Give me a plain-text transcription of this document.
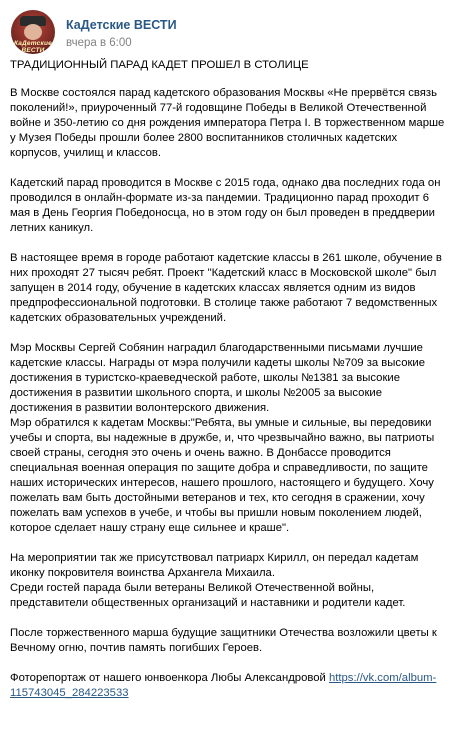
КаДетские ВЕСТИ
КаДетские ВЕСТИ
вчера в 6:00
ТРАДИЦИОННЫЙ ПАРАД КАДЕТ ПРОШЕЛ В СТОЛИЦЕ
В Москве состоялся парад кадетского образования Москвы «Не прервётся связь поколений!», приуроченный 77-й годовщине Победы в Великой Отечественной войне и 350-летию со дня рождения императора Петра I. В торжественном марше у Музея Победы прошли более 2800 воспитанников столичных кадетских корпусов, училищ и классов.
Кадетский парад проводится в Москве с 2015 года, однако два последних года он проводился в онлайн-формате из-за пандемии. Традиционно парад проходит 6 мая в День Георгия Победоносца, но в этом году он был проведен в преддверии летних каникул.
В настоящее время в городе работают кадетские классы в 261 школе, обучение в них проходят 27 тысяч ребят. Проект "Кадетский класс в Московской школе" был запущен в 2014 году, обучение в кадетских классах является одним из видов предпрофессиональной подготовки. В столице также работают 7 ведомственных кадетских образовательных учреждений.
Мэр Москвы Сергей Собянин наградил благодарственными письмами лучшие кадетские классы. Награды от мэра получили кадеты школы №709 за высокие достижения в туристско-краеведческой работе, школы №1381 за высокие достижения в развитии школьного спорта, и школы №2005 за высокие достижения в развитии волонтерского движения.
Мэр обратился к кадетам Москвы:"Ребята, вы умные и сильные, вы передовики учебы и спорта, вы надежные в дружбе, и, что чрезвычайно важно, вы патриоты своей страны, сегодня это очень и очень важно. В Донбассе проводится специальная военная операция по защите добра и справедливости, по защите наших исторических интересов, нашего прошлого, настоящего и будущего. Хочу пожелать вам быть достойными ветеранов и тех, кто сегодня в сражении, хочу пожелать вам успехов в учебе, и чтобы вы пришли новым поколением людей, которое сделает нашу страну еще сильнее и краше".
На мероприятии так же присутствовал патриарх Кирилл, он передал кадетам иконку покровителя воинства Архангела Михаила.
Среди гостей парада были ветераны Великой Отечественной войны, представители общественных организаций и наставники и родители кадет.
После торжественного марша будущие защитники Отечества возложили цветы к Вечному огню, почтив память погибших Героев.
Фоторепортаж от нашего юнвоенкора Любы Александровой https://vk.com/album-115743045_284223533
